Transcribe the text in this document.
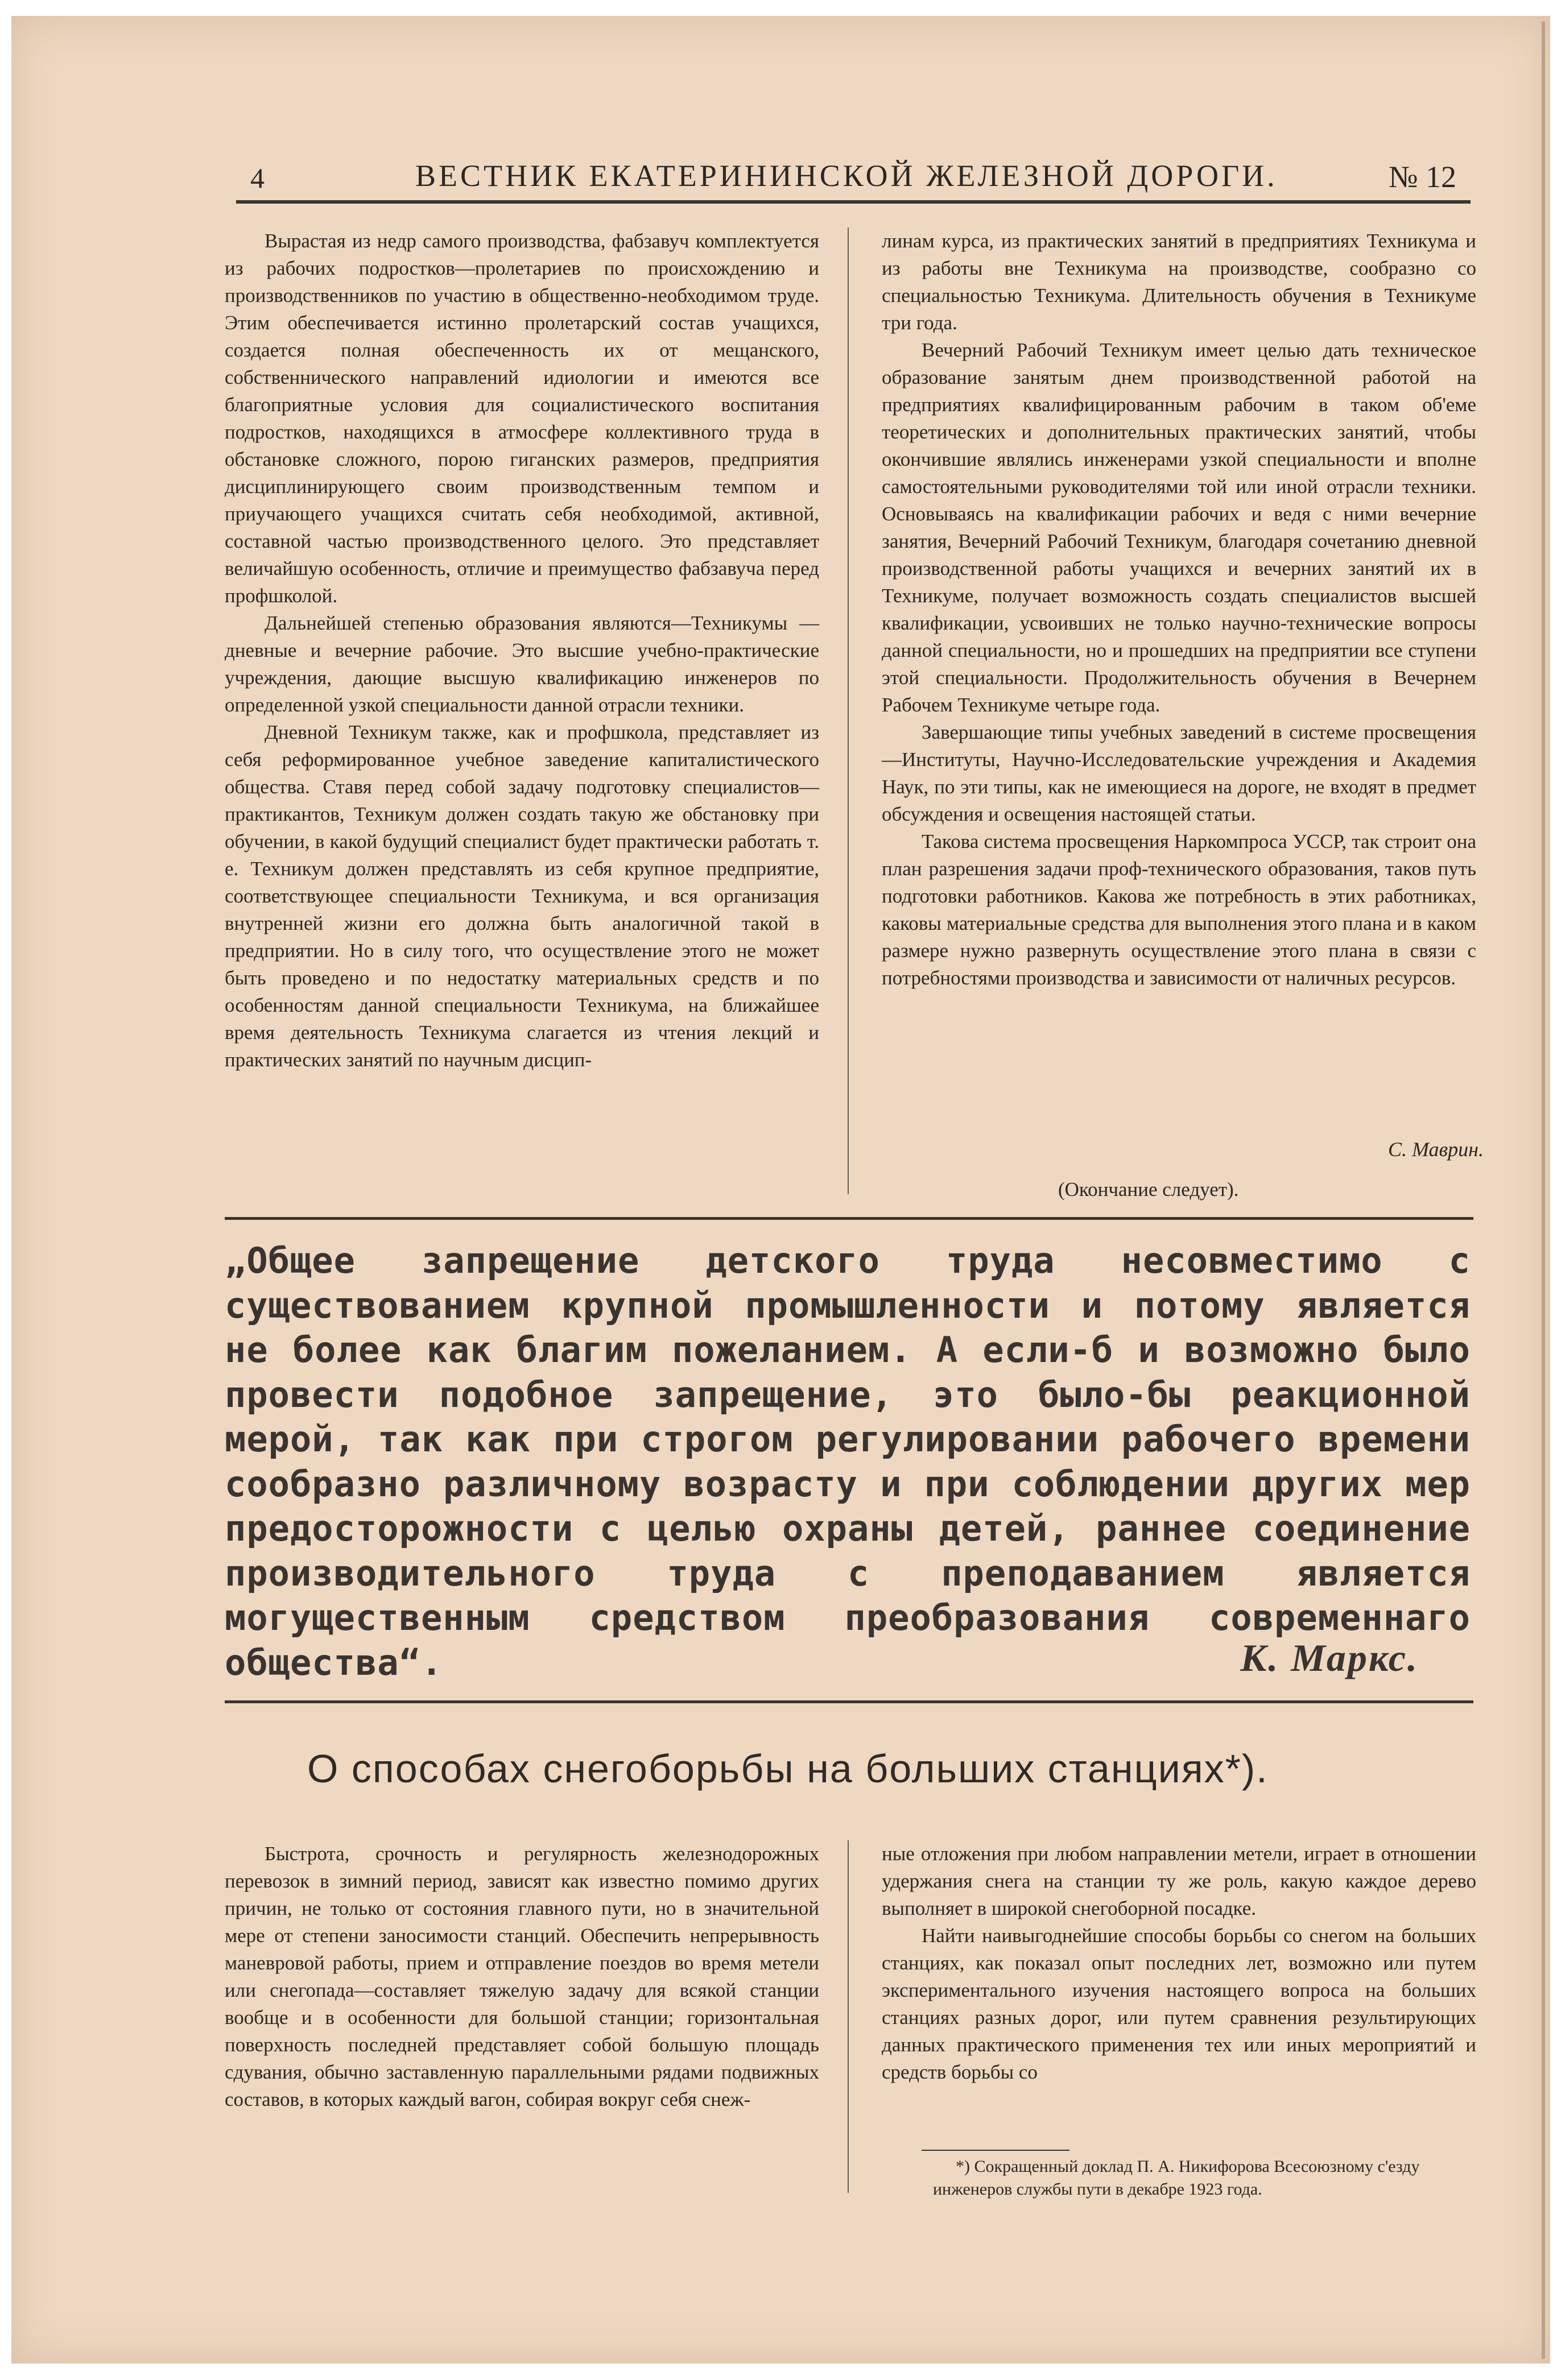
4	ВЕСТНИК ЕКАТЕРИНИНСКОЙ ЖЕЛЕЗНОЙ ДОРОГИ.	№ 12

Вырастая из недр самого производства, фабзавуч комплектуется из рабочих подростков—пролетариев по происхождению и производственников по участию в общественно-необходимом труде. Этим обеспечивается истинно пролетарский состав учащихся, создается полная обеспеченность их от мещанского, собственнического направлений идиологии и имеются все благоприятные условия для социалистического воспитания подростков, находящихся в атмосфере коллективного труда в обстановке сложного, порою гиганских размеров, предприятия дисциплинирующего своим производственным темпом и приучающего учащихся считать себя необходимой, активной, составной частью производственного целого. Это представляет величайшую особенность, отличие и преимущество фабзавуча перед профшколой.

Дальнейшей степенью образования являются—Техникумы — дневные и вечерние рабочие. Это высшие учебно-практические учреждения, дающие высшую квалификацию инженеров по определенной узкой специальности данной отрасли техники.

Дневной Техникум также, как и профшкола, представляет из себя реформированное учебное заведение капиталистического общества. Ставя перед собой задачу подготовку специалистов—практикантов, Техникум должен создать такую же обстановку при обучении, в какой будущий специалист будет практически работать т. е. Техникум должен представлять из себя крупное предприятие, соответствующее специальности Техникума, и вся организация внутренней жизни его должна быть аналогичной такой в предприятии. Но в силу того, что осуществление этого не может быть проведено и по недостатку материальных средств и по особенностям данной специальности Техникума, на ближайшее время деятельность Техникума слагается из чтения лекций и практических занятий по научным дисцип-

линам курса, из практических занятий в предприятиях Техникума и из работы вне Техникума на производстве, сообразно со специальностью Техникума. Длительность обучения в Техникуме три года.

Вечерний Рабочий Техникум имеет целью дать техническое образование занятым днем производственной работой на предприятиях квалифицированным рабочим в таком об'еме теоретических и дополнительных практических занятий, чтобы окончившие являлись инженерами узкой специальности и вполне самостоятельными руководителями той или иной отрасли техники. Основываясь на квалификации рабочих и ведя с ними вечерние занятия, Вечерний Рабочий Техникум, благодаря сочетанию дневной производственной работы учащихся и вечерних занятий их в Техникуме, получает возможность создать специалистов высшей квалификации, усвоивших не только научно-технические вопросы данной специальности, но и прошедших на предприятии все ступени этой специальности. Продолжительность обучения в Вечернем Рабочем Техникуме четыре года.

Завершающие типы учебных заведений в системе просвещения—Институты, Научно-Исследовательские учреждения и Академия Наук, по эти типы, как не имеющиеся на дороге, не входят в предмет обсуждения и освещения настоящей статьи.

Такова система просвещения Наркомпроса УССР, так строит она план разрешения задачи проф-технического образования, таков путь подготовки работников. Какова же потребность в этих работниках, каковы материальные средства для выполнения этого плана и в каком размере нужно развернуть осуществление этого плана в связи с потребностями производства и зависимости от наличных ресурсов.

С. Маврин.
(Окончание следует).
„Общее запрещение детского труда несовместимо с существованием крупной промышленности и потому является не более как благим пожеланием. А если-б и возможно было провести подобное запрещение, это было-бы реакционной мерой, так как при строгом регулировании рабочего времени сообразно различному возрасту и при соблюдении других мер предосторожности с целью охраны детей, раннее соединение производительного труда с преподаванием является могущественным средством преобразования современнаго общества“.	К. Маркс.
О способах снегоборьбы на больших станциях*).

Быстрота, срочность и регулярность железнодорожных перевозок в зимний период, зависят как известно помимо других причин, не только от состояния главного пути, но в значительной мере от степени заносимости станций. Обеспечить непрерывность маневровой работы, прием и отправление поездов во время метели или снегопада—составляет тяжелую задачу для всякой станции вообще и в особенности для большой станции; горизонтальная поверхность последней представляет собой большую площадь сдувания, обычно заставленную параллельными рядами подвижных составов, в которых каждый вагон, собирая вокруг себя снеж-

ные отложения при любом направлении метели, играет в отношении удержания снега на станции ту же роль, какую каждое дерево выполняет в широкой снегоборной посадке.

Найти наивыгоднейшие способы борьбы со снегом на больших станциях, как показал опыт последних лет, возможно или путем экспериментального изучения настоящего вопроса на больших станциях разных дорог, или путем сравнения результирующих данных практического применения тех или иных мероприятий и средств борьбы со

*) Сокращенный доклад П. А. Никифорова Всесоюзному с'езду инженеров службы пути в декабре 1923 года.
